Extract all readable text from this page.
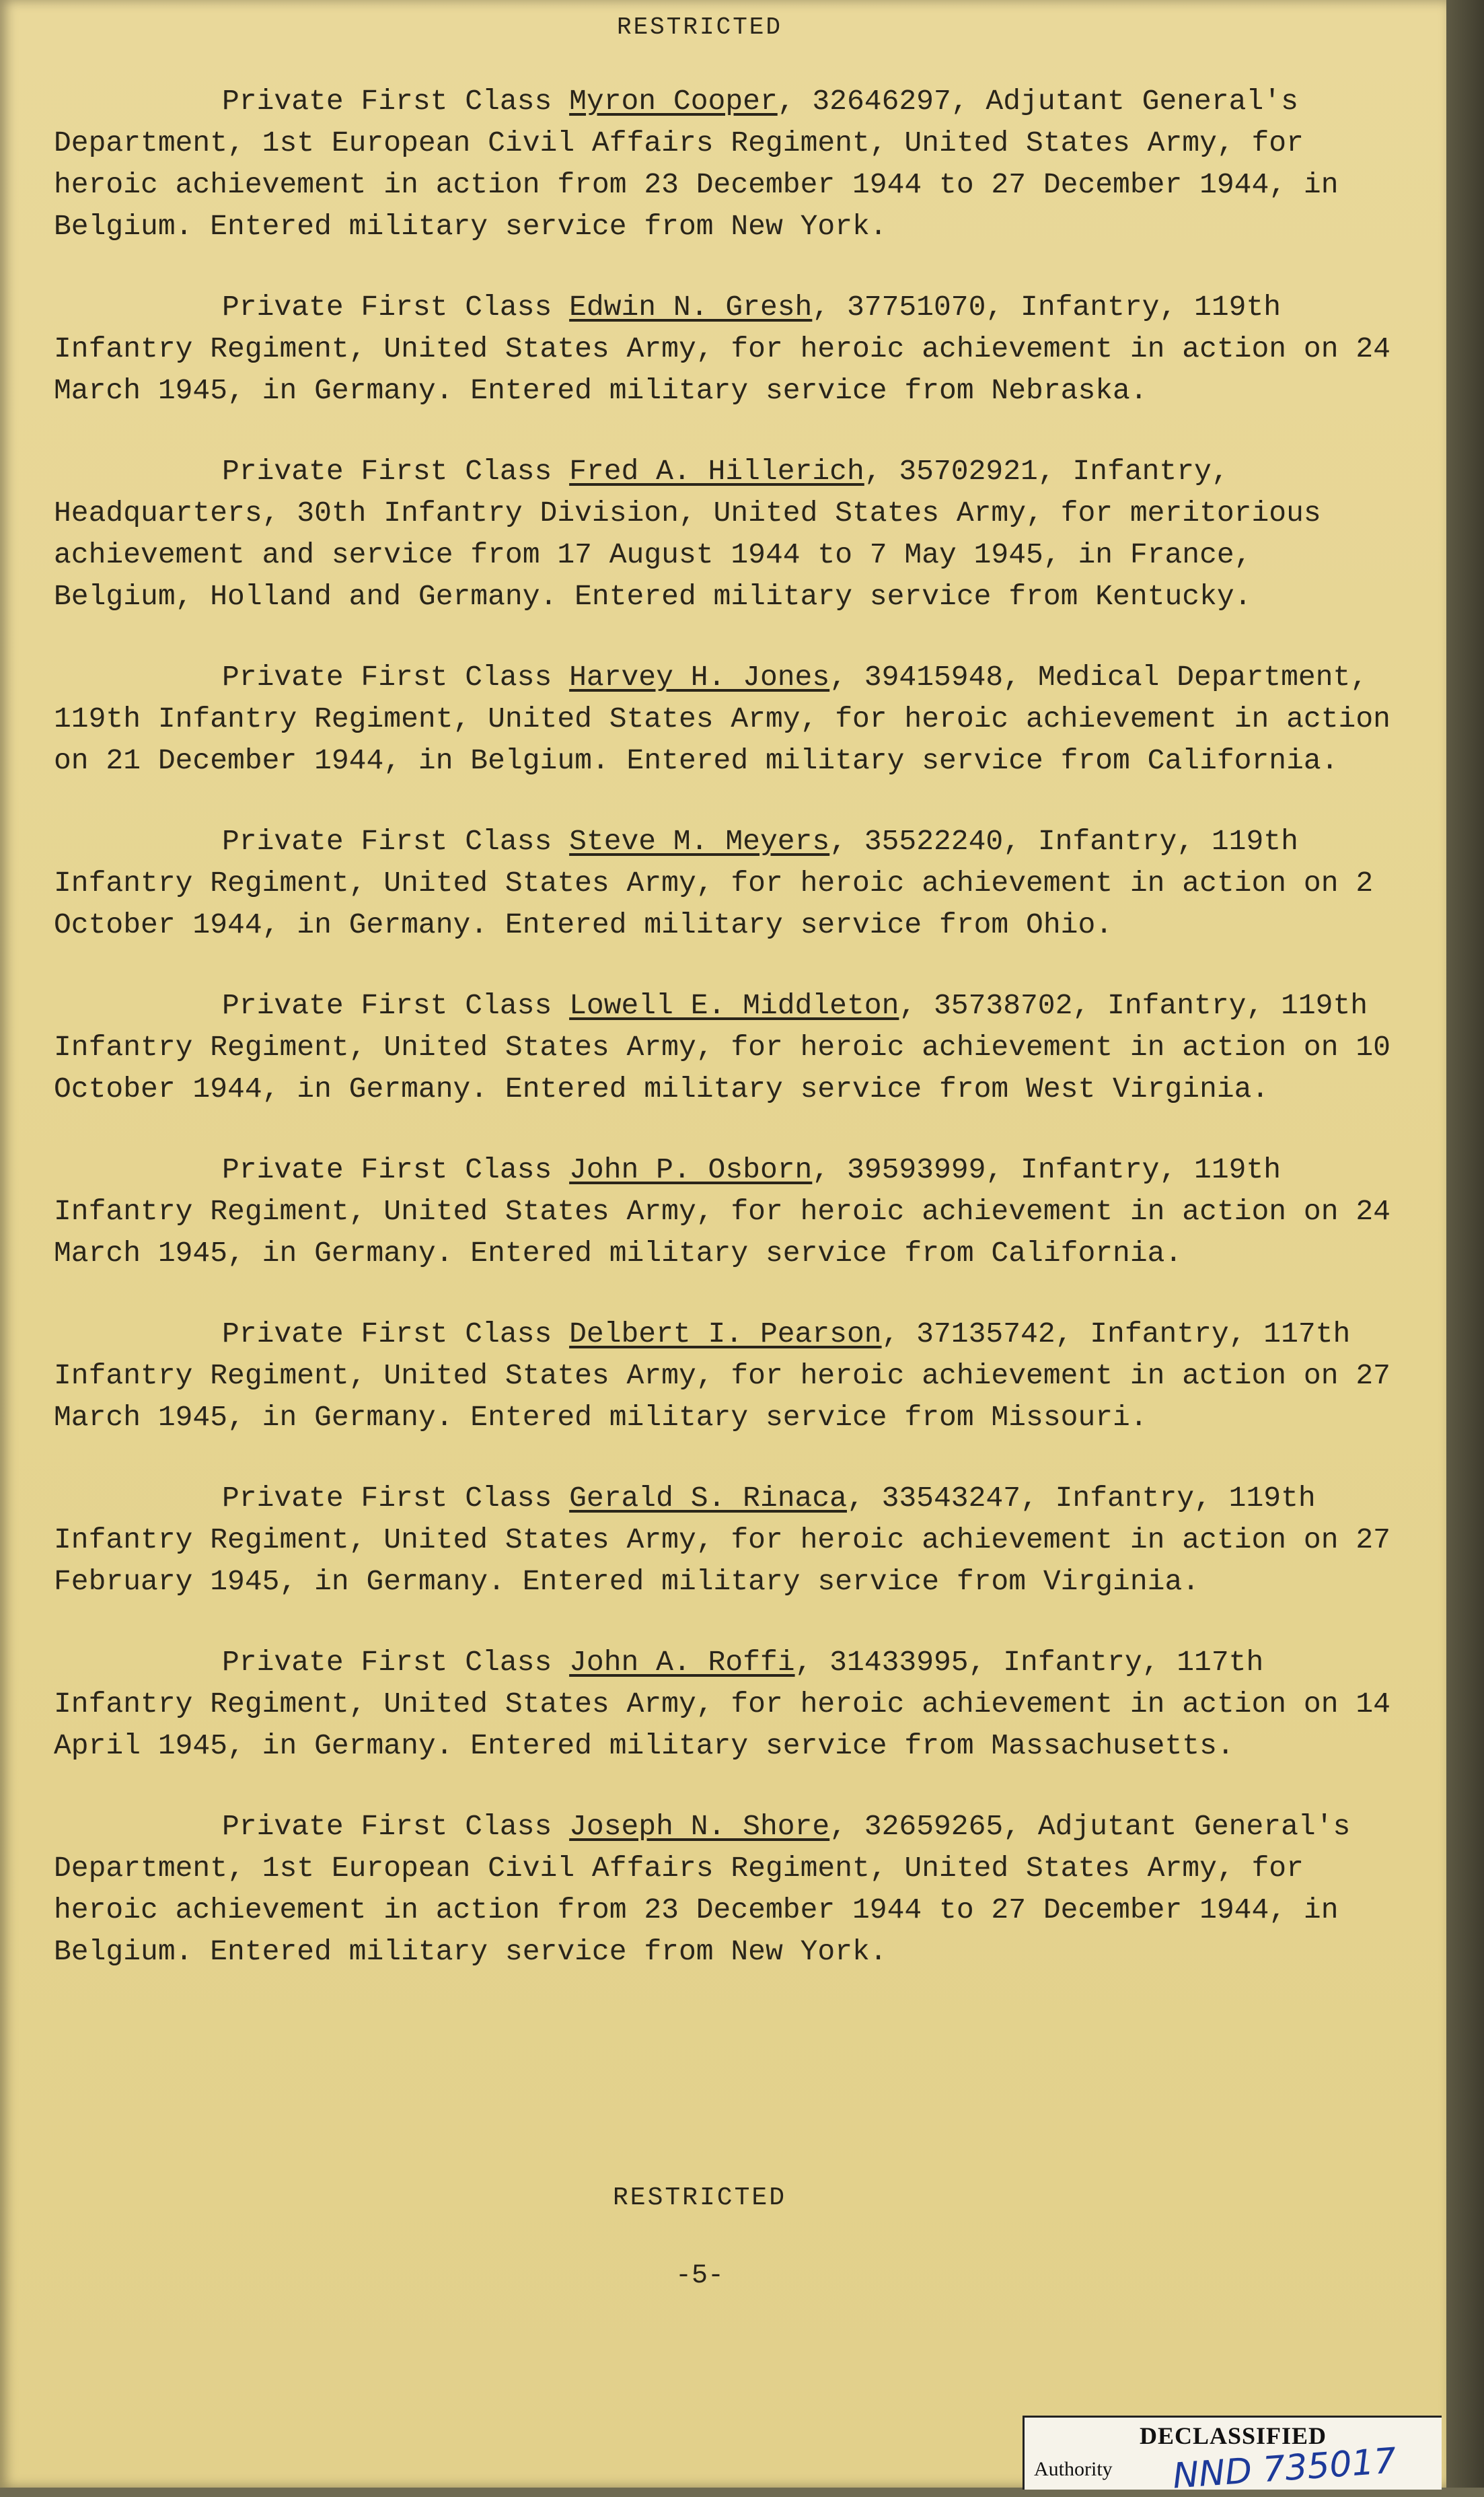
RESTRICTED

Private First Class Myron Cooper, 32646297, Adjutant General's Department, 1st European Civil Affairs Regiment, United States Army, for heroic achievement in action from 23 December 1944 to 27 December 1944, in Belgium. Entered military service from New York.

Private First Class Edwin N. Gresh, 37751070, Infantry, 119th Infantry Regiment, United States Army, for heroic achievement in action on 24 March 1945, in Germany. Entered military service from Nebraska.

Private First Class Fred A. Hillerich, 35702921, Infantry, Headquarters, 30th Infantry Division, United States Army, for meritorious achievement and service from 17 August 1944 to 7 May 1945, in France, Belgium, Holland and Germany. Entered military service from Kentucky.

Private First Class Harvey H. Jones, 39415948, Medical Department, 119th Infantry Regiment, United States Army, for heroic achievement in action on 21 December 1944, in Belgium. Entered military service from California.

Private First Class Steve M. Meyers, 35522240, Infantry, 119th Infantry Regiment, United States Army, for heroic achievement in action on 2 October 1944, in Germany. Entered military service from Ohio.

Private First Class Lowell E. Middleton, 35738702, Infantry, 119th Infantry Regiment, United States Army, for heroic achievement in action on 10 October 1944, in Germany. Entered military service from West Virginia.

Private First Class John P. Osborn, 39593999, Infantry, 119th Infantry Regiment, United States Army, for heroic achievement in action on 24 March 1945, in Germany. Entered military service from California.

Private First Class Delbert I. Pearson, 37135742, Infantry, 117th Infantry Regiment, United States Army, for heroic achievement in action on 27 March 1945, in Germany. Entered military service from Missouri.

Private First Class Gerald S. Rinaca, 33543247, Infantry, 119th Infantry Regiment, United States Army, for heroic achievement in action on 27 February 1945, in Germany. Entered military service from Virginia.

Private First Class John A. Roffi, 31433995, Infantry, 117th Infantry Regiment, United States Army, for heroic achievement in action on 14 April 1945, in Germany. Entered military service from Massachusetts.

Private First Class Joseph N. Shore, 32659265, Adjutant General's Department, 1st European Civil Affairs Regiment, United States Army, for heroic achievement in action from 23 December 1944 to 27 December 1944, in Belgium. Entered military service from New York.

RESTRICTED
-5-
DECLASSIFIED
Authority NND 735017
